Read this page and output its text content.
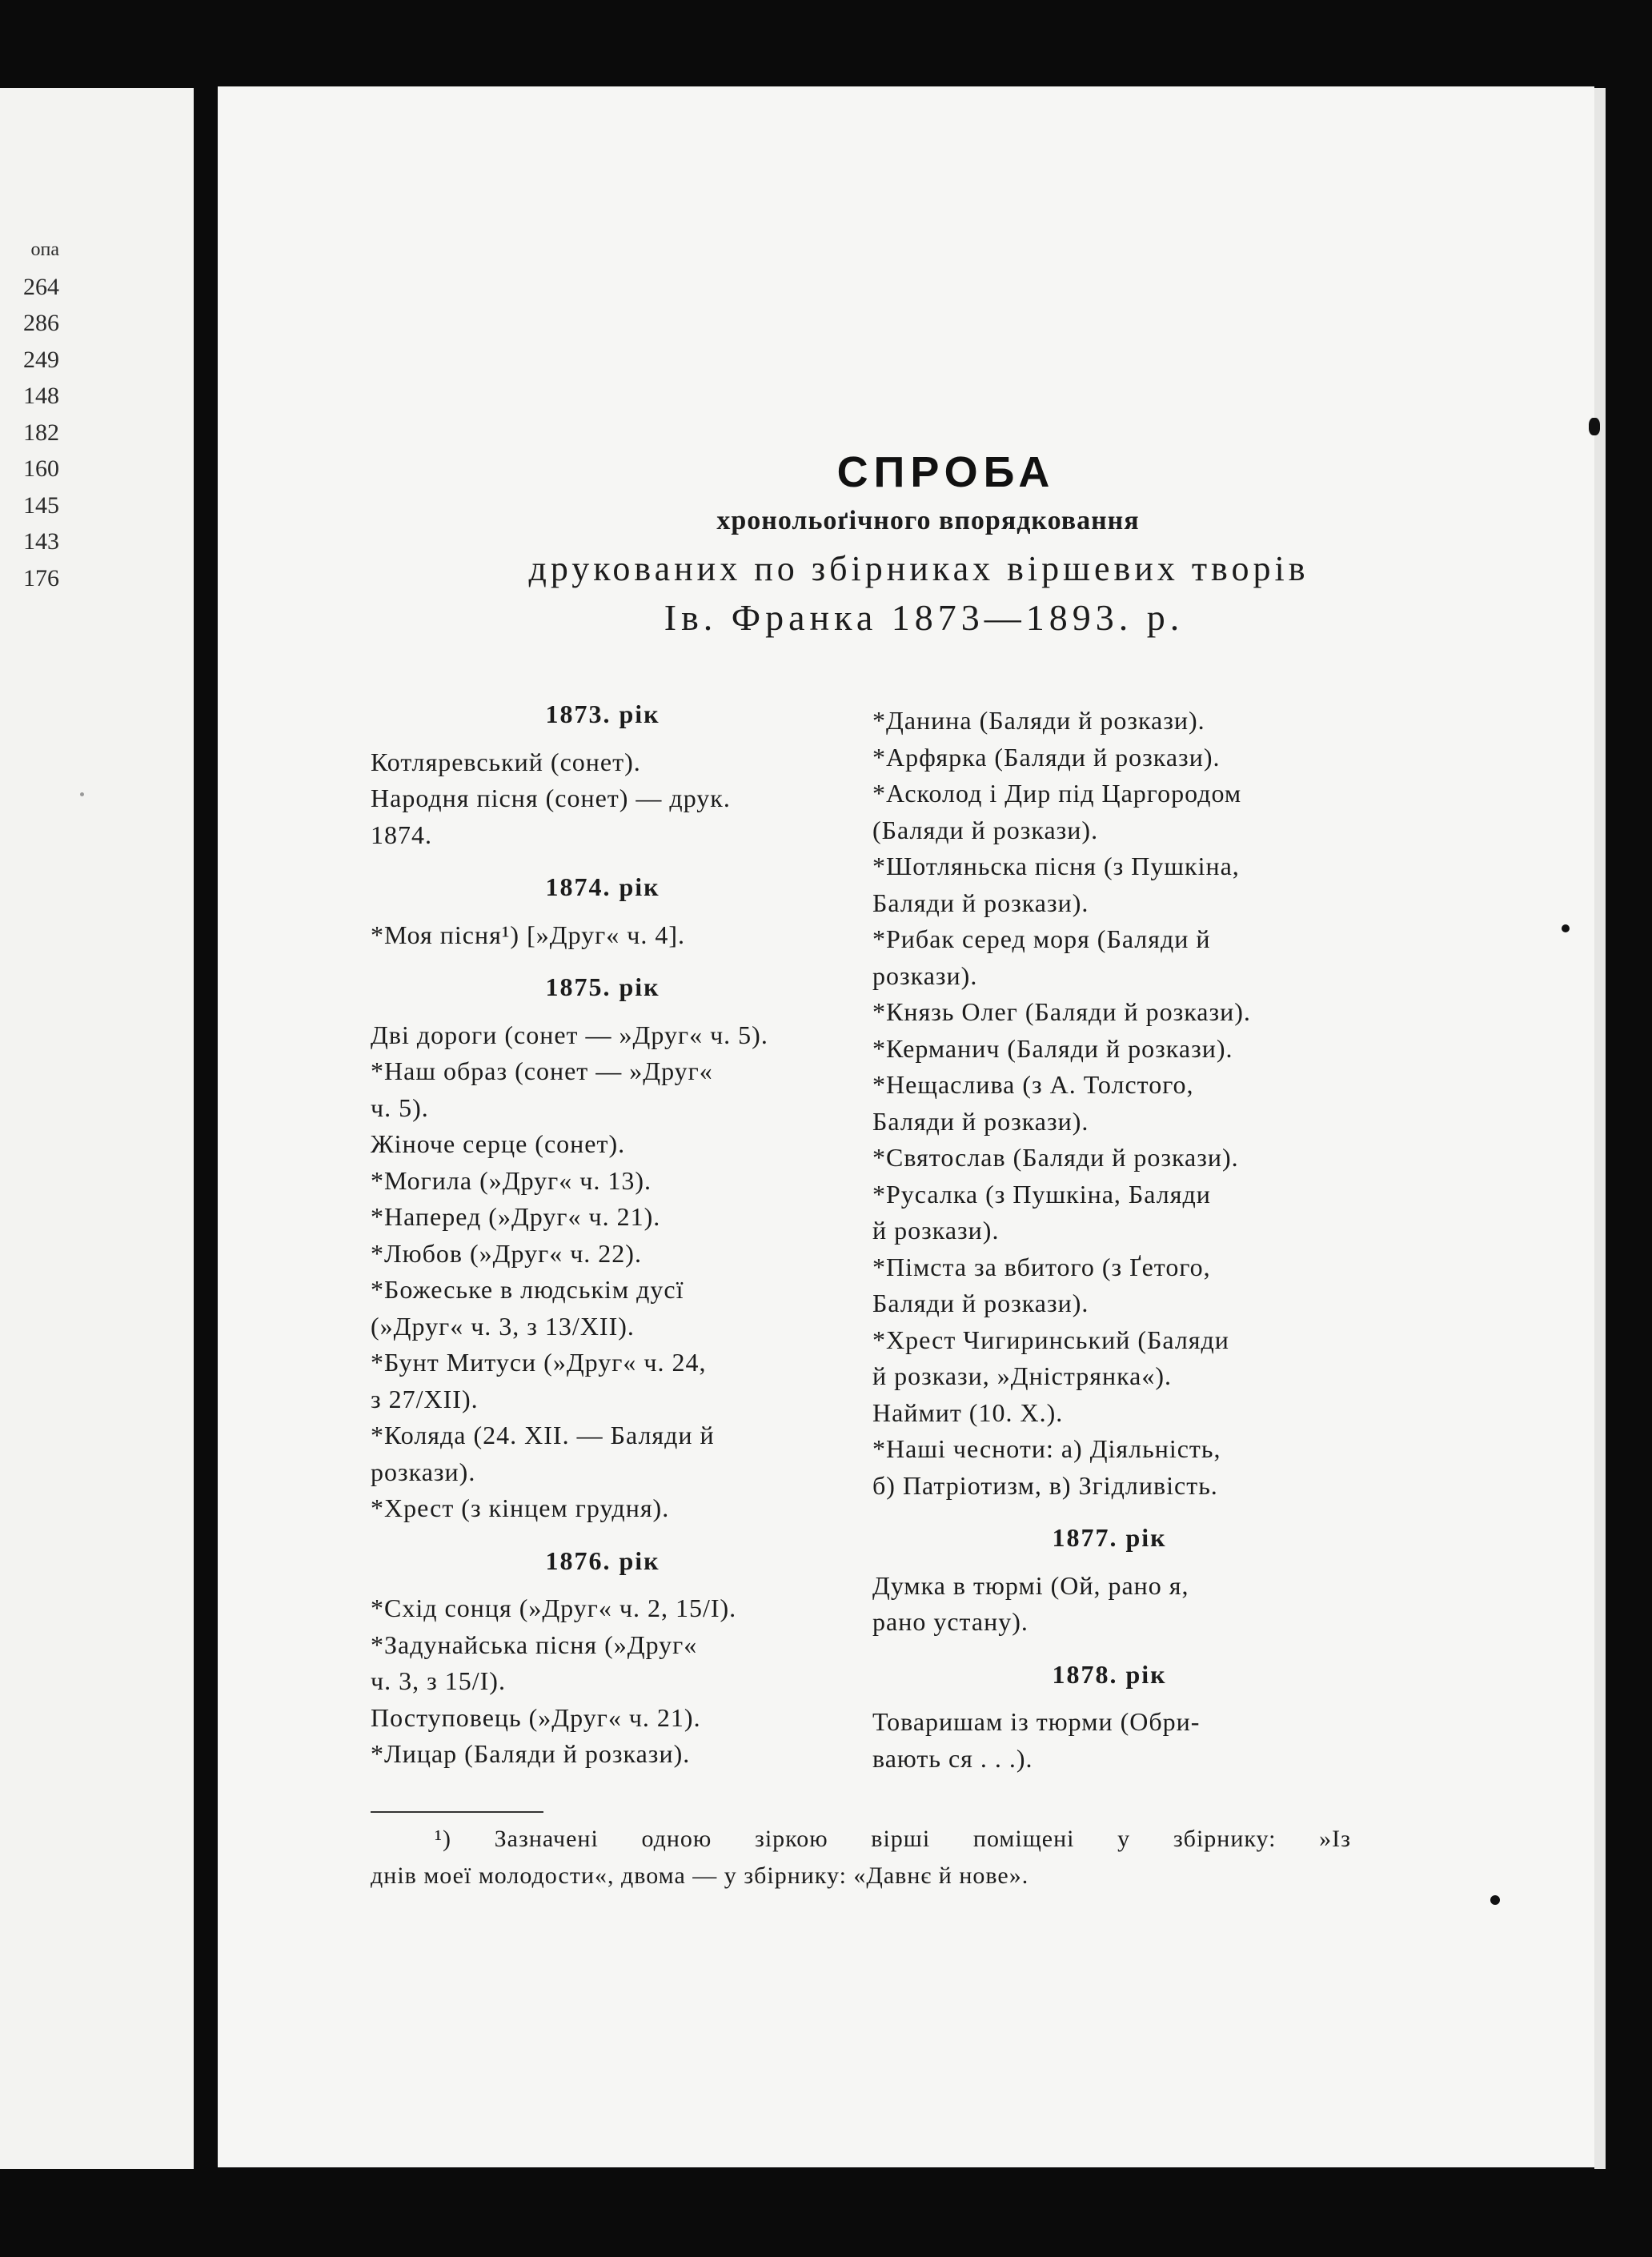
опа
264
286
249
148
182
160
145
143
176
СПРОБА
хронольоґічного впорядковання
друкованих по збірниках віршевих творів
Ів. Франка 1873—1893. р.
1873. рік
Котляревський (сонет).
Народня пісня (сонет) — друк.
1874.
1874. рік
*Моя пісня¹) [»Друг« ч. 4].
1875. рік
Дві дороги (сонет — »Друг« ч. 5).
*Наш образ (сонет — »Друг«
ч. 5).
Жіноче серце (сонет).
*Могила (»Друг« ч. 13).
*Наперед (»Друг« ч. 21).
*Любов (»Друг« ч. 22).
*Божеське в людськім дусї
(»Друг« ч. 3, з 13/XII).
*Бунт Митуси (»Друг« ч. 24,
з 27/XII).
*Коляда (24. XII. — Баляди й
розкази).
*Хрест (з кінцем грудня).
1876. рік
*Схід сонця (»Друг« ч. 2, 15/I).
*Задунайська пісня (»Друг«
ч. 3, з 15/I).
Поступовець (»Друг« ч. 21).
*Лицар (Баляди й розкази).
*Данина (Баляди й розкази).
*Арфярка (Баляди й розкази).
*Асколод і Дир під Царгородом
(Баляди й розкази).
*Шотляньска пісня (з Пушкіна,
Баляди й розкази).
*Рибак серед моря (Баляди й
розкази).
*Князь Олег (Баляди й розкази).
*Керманич (Баляди й розкази).
*Нещаслива (з А. Толстого,
Баляди й розкази).
*Святослав (Баляди й розкази).
*Русалка (з Пушкіна, Баляди
й розкази).
*Пімста за вбитого (з Ґетого,
Баляди й розкази).
*Хрест Чигиринський (Баляди
й розкази, »Дністрянка«).
Наймит (10. X.).
*Наші чесноти: а) Діяльність,
б) Патріотизм, в) Згідливість.
1877. рік
Думка в тюрмі (Ой, рано я,
рано устану).
1878. рік
Товаришам із тюрми (Обри-
вають ся . . .).
¹) Зазначені одною зіркою вірші поміщені у збірнику: »Із
днів моеї молодости«, двома — у збірнику: «Давнє й нове».
